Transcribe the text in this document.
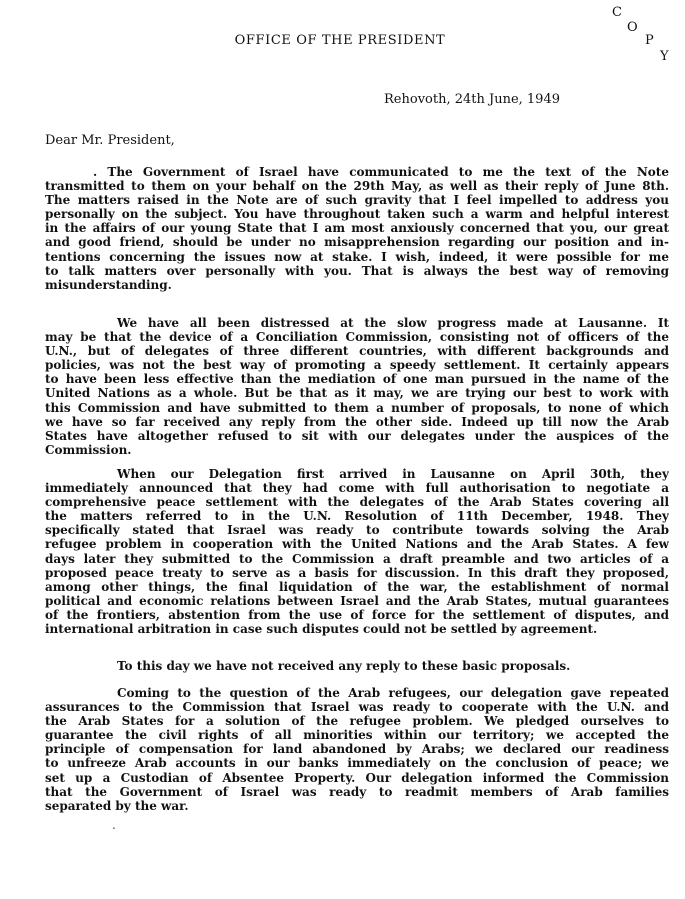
C
O
P
Y
OFFICE OF THE PRESIDENT
Rehovoth, 24th June, 1949
Dear Mr. President,
. The Government of Israel have communicated to me the text of the Note
transmitted to them on your behalf on the 29th May, as well as their reply of June 8th.
The matters raised in the Note are of such gravity that I feel impelled to address you
personally on the subject. You have throughout taken such a warm and helpful interest
in the affairs of our young State that I am most anxiously concerned that you, our great
and good friend, should be under no misapprehension regarding our position and in-
tentions concerning the issues now at stake. I wish, indeed, it were possible for me
to talk matters over personally with you. That is always the best way of removing
misunderstanding.
We have all been distressed at the slow progress made at Lausanne. It
may be that the device of a Conciliation Commission, consisting not of officers of the
U.N., but of delegates of three different countries, with different backgrounds and
policies, was not the best way of promoting a speedy settlement. It certainly appears
to have been less effective than the mediation of one man pursued in the name of the
United Nations as a whole. But be that as it may, we are trying our best to work with
this Commission and have submitted to them a number of proposals, to none of which
we have so far received any reply from the other side. Indeed up till now the Arab
States have altogether refused to sit with our delegates under the auspices of the
Commission.
When our Delegation first arrived in Lausanne on April 30th, they
immediately announced that they had come with full authorisation to negotiate a
comprehensive peace settlement with the delegates of the Arab States covering all
the matters referred to in the U.N. Resolution of 11th December, 1948. They
specifically stated that Israel was ready to contribute towards solving the Arab
refugee problem in cooperation with the United Nations and the Arab States. A few
days later they submitted to the Commission a draft preamble and two articles of a
proposed peace treaty to serve as a basis for discussion. In this draft they proposed,
among other things, the final liquidation of the war, the establishment of normal
political and economic relations between Israel and the Arab States, mutual guarantees
of the frontiers, abstention from the use of force for the settlement of disputes, and
international arbitration in case such disputes could not be settled by agreement.
To this day we have not received any reply to these basic proposals.
Coming to the question of the Arab refugees, our delegation gave repeated
assurances to the Commission that Israel was ready to cooperate with the U.N. and
the Arab States for a solution of the refugee problem. We pledged ourselves to
guarantee the civil rights of all minorities within our territory; we accepted the
principle of compensation for land abandoned by Arabs; we declared our readiness
to unfreeze Arab accounts in our banks immediately on the conclusion of peace; we
set up a Custodian of Absentee Property. Our delegation informed the Commission
that the Government of Israel was ready to readmit members of Arab families
separated by the war.
.
